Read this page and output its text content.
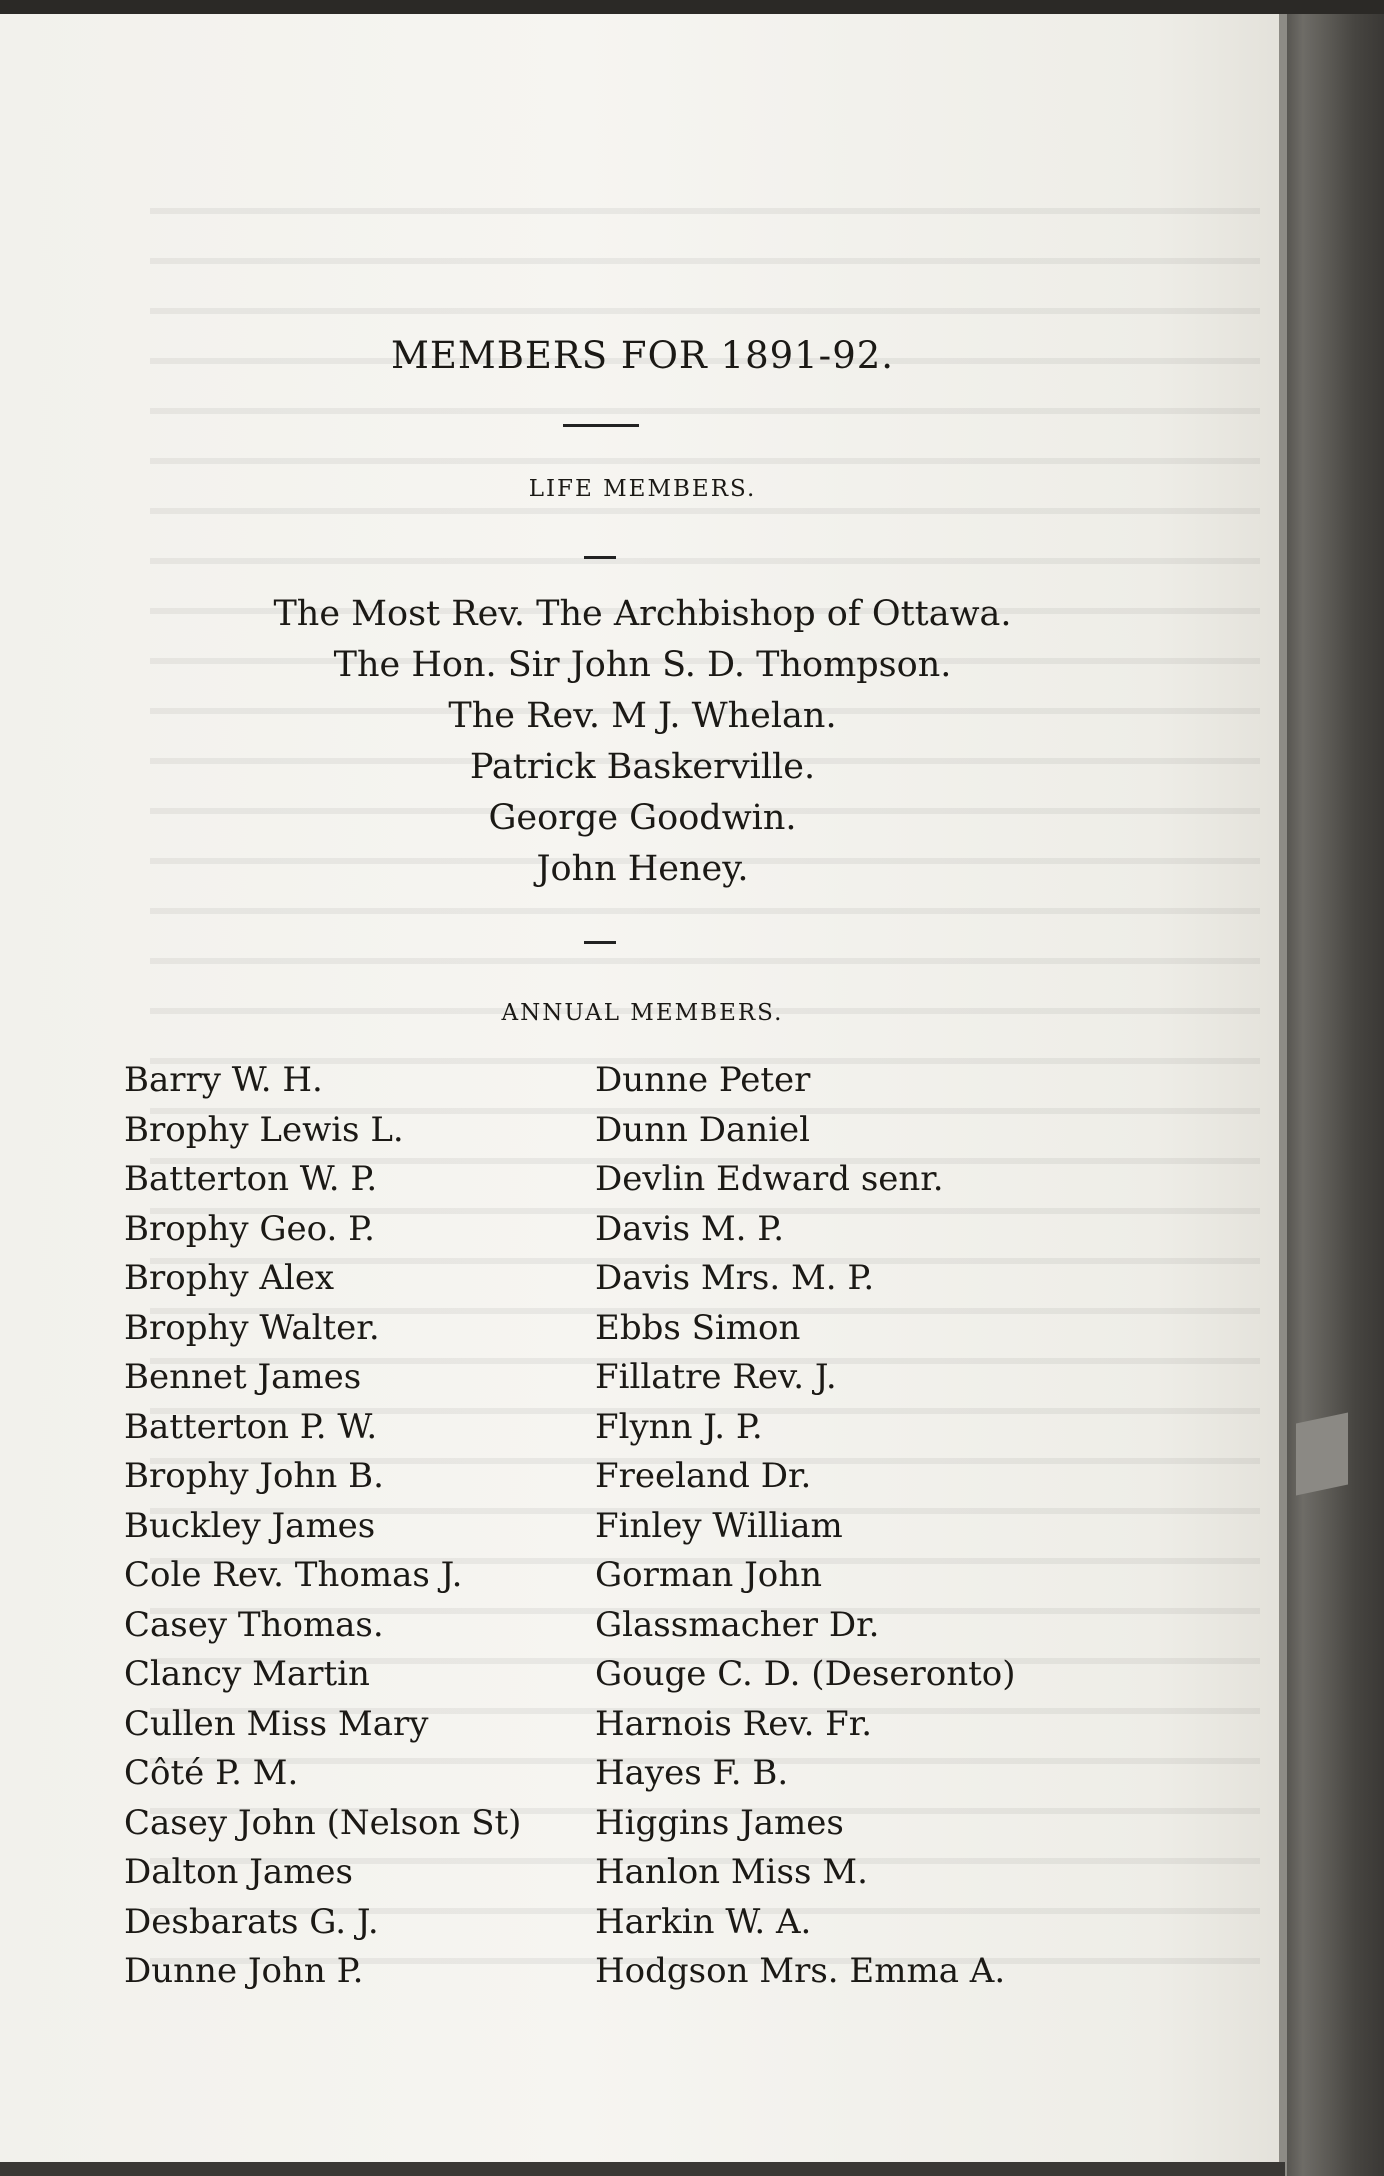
MEMBERS FOR 1891-92.
LIFE MEMBERS.
The Most Rev. The Archbishop of Ottawa.
The Hon. Sir John S. D. Thompson.
The Rev. M J. Whelan.
Patrick Baskerville.
George Goodwin.
John Heney.
ANNUAL MEMBERS.
Barry W. H.
Brophy Lewis L.
Batterton W. P.
Brophy Geo. P.
Brophy Alex
Brophy Walter.
Bennet James
Batterton P. W.
Brophy John B.
Buckley James
Cole Rev. Thomas J.
Casey Thomas.
Clancy Martin
Cullen Miss Mary
Côté P. M.
Casey John (Nelson St)
Dalton James
Desbarats G. J.
Dunne John P.
Dunne Peter
Dunn Daniel
Devlin Edward senr.
Davis M. P.
Davis Mrs. M. P.
Ebbs Simon
Fillatre Rev. J.
Flynn J. P.
Freeland Dr.
Finley William
Gorman John
Glassmacher Dr.
Gouge C. D. (Deseronto)
Harnois Rev. Fr.
Hayes F. B.
Higgins James
Hanlon Miss M.
Harkin W. A.
Hodgson Mrs. Emma A.
